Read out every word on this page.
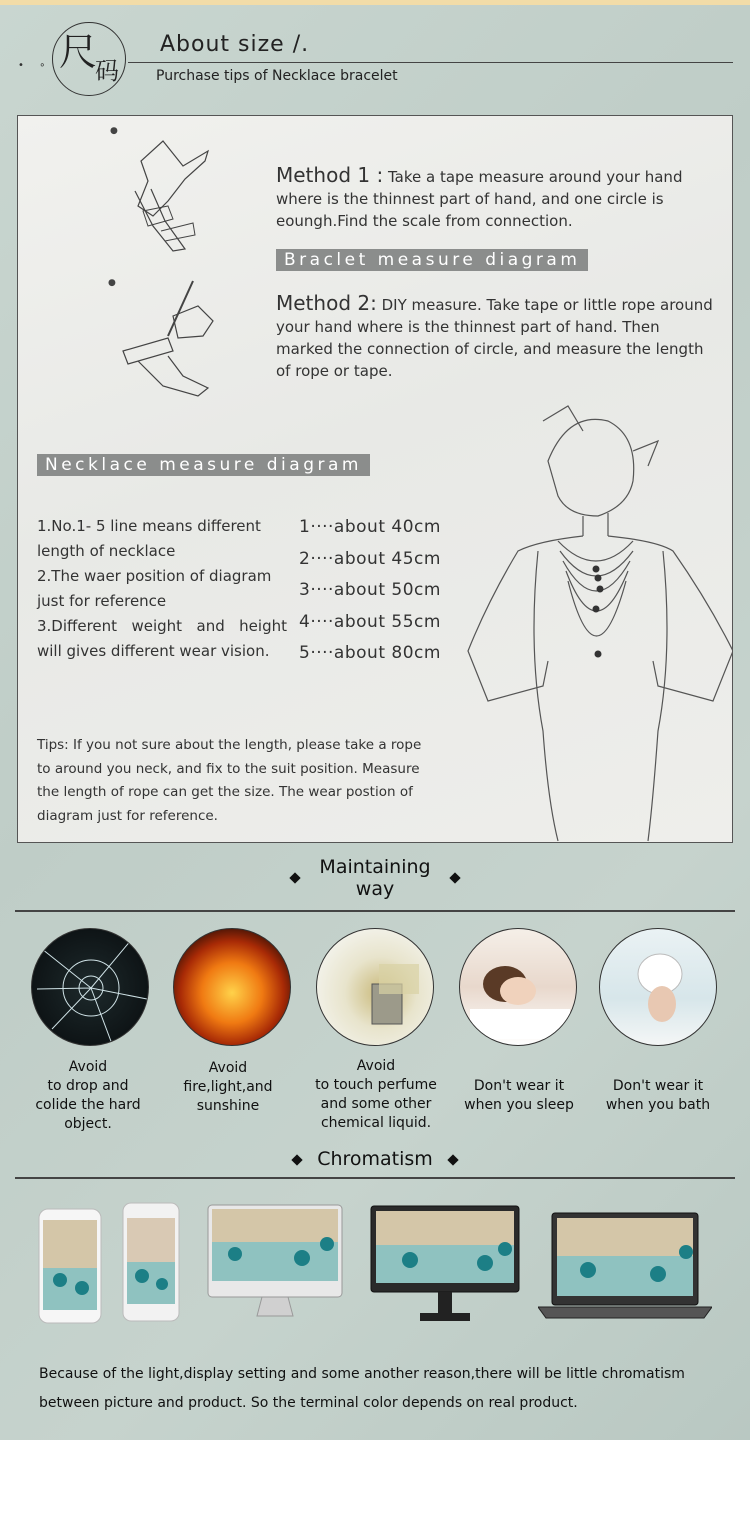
• ∘ 尺
码
About size /.
Purchase tips of Necklace bracelet
●
●
Method 1 : Take a tape measure around your hand where is the thinnest part of hand, and one circle is eoungh.Find the scale from connection.
Braclet measure diagram
Method 2: DIY measure. Take tape or little rope around your hand where is the thinnest part of hand. Then marked the connection of circle, and measure the length of rope or tape.
Necklace measure diagram
1.No.1- 5 line means different length of necklace
2.The waer position of diagram just for reference
3.Different weight and height will gives different wear vision.
1····about 40cm
2····about 45cm
3····about 50cm
4····about 55cm
5····about 80cm
Tips: If you not sure about the length, please take a rope to around you neck, and fix to the suit position. Measure the length of rope can get the size. The wear postion of diagram just for reference.
Maintaining
way
Avoid
to drop and
colide the hard
object.
Avoid
fire,light,and
sunshine
Avoid
to touch perfume
and some other
chemical liquid.
Don't wear it
when you sleep
Don't wear it
when you bath
Chromatism
Because of the light,display setting and some another reason,there will be little chromatism between picture and product. So the terminal color depends on real product.
